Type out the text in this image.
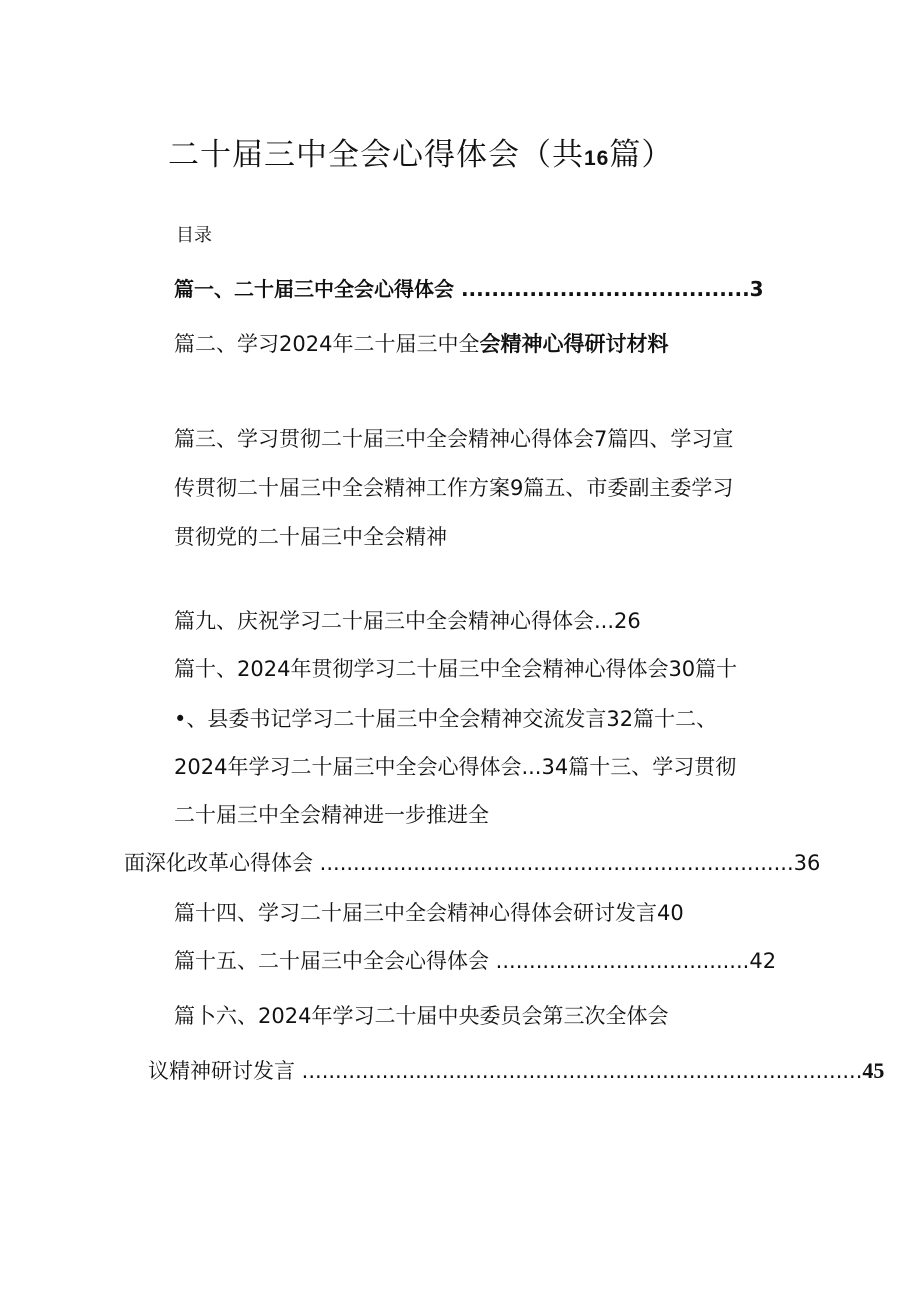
二十届三中全会心得体会（共16篇）
目录
篇一、二十届三中全会心得体会 ......................................3
篇二、学习2024年二十届三中全会精神心得研讨材料
篇三、学习贯彻二十届三中全会精神心得体会7篇四、学习宣
传贯彻二十届三中全会精神工作方案9篇五、市委副主委学习
贯彻党的二十届三中全会精神
篇九、庆祝学习二十届三中全会精神心得体会...26
篇十、2024年贯彻学习二十届三中全会精神心得体会30篇十
•、县委书记学习二十届三中全会精神交流发言32篇十二、
2024年学习二十届三中全会心得体会...34篇十三、学习贯彻
二十届三中全会精神进一步推进全
面深化改革心得体会 .......................................................................36
篇十四、学习二十届三中全会精神心得体会研讨发言40
篇十五、二十届三中全会心得体会 ......................................42
篇卜六、2024年学习二十届中央委员会第三次全体会
议精神研讨发言 ....................................................................................45
